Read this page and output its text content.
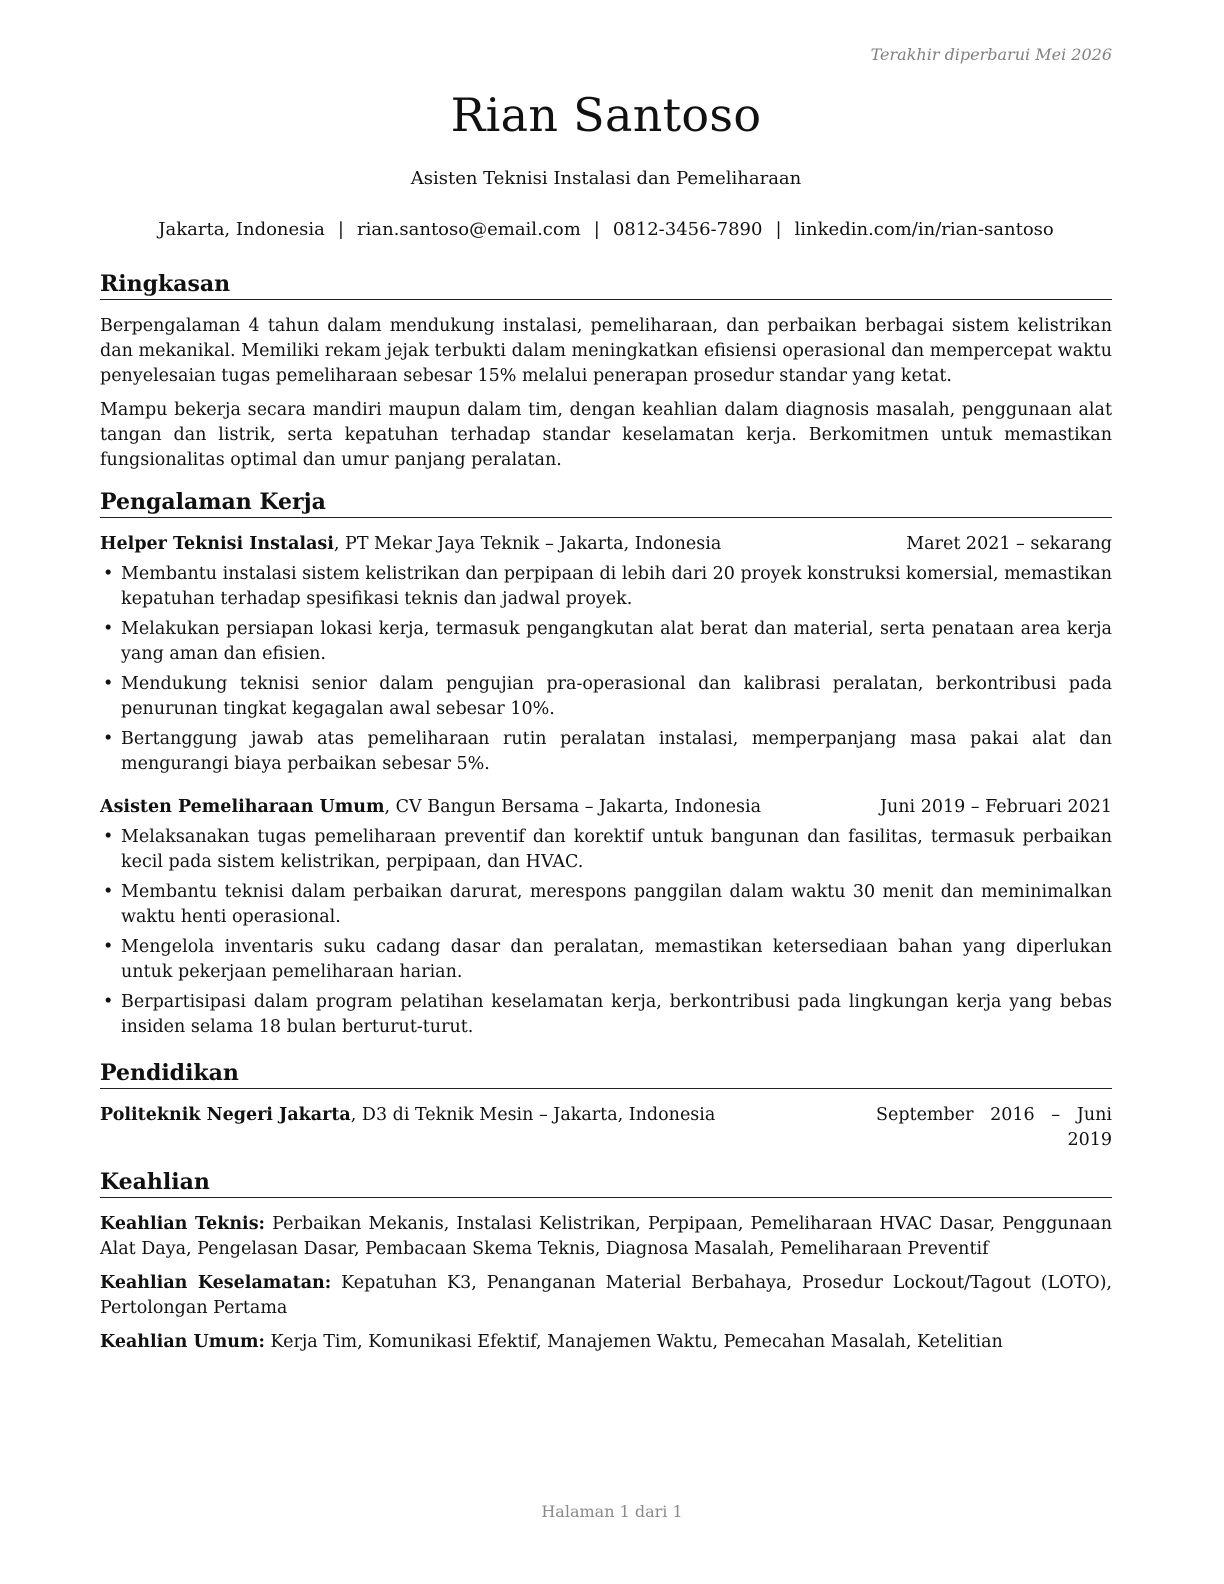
Terakhir diperbarui Mei 2026
Rian Santoso
Asisten Teknisi Instalasi dan Pemeliharaan
Jakarta, Indonesia | rian.santoso@email.com | 0812-3456-7890 | linkedin.com/in/rian-santoso
Ringkasan

Berpengalaman 4 tahun dalam mendukung instalasi, pemeliharaan, dan perbaikan berbagai sistem kelistrikan dan mekanikal. Memiliki rekam jejak terbukti dalam meningkatkan efisiensi operasional dan mempercepat waktu penyelesaian tugas pemeliharaan sebesar 15% melalui penerapan prosedur standar yang ketat.

Mampu bekerja secara mandiri maupun dalam tim, dengan keahlian dalam diagnosis masalah, penggunaan alat tangan dan listrik, serta kepatuhan terhadap standar keselamatan kerja. Berkomitmen untuk memastikan fungsionalitas optimal dan umur panjang peralatan.

Pengalaman Kerja
Helper Teknisi Instalasi, PT Mekar Jaya Teknik – Jakarta, Indonesia	Maret 2021 – sekarang
• Membantu instalasi sistem kelistrikan dan perpipaan di lebih dari 20 proyek konstruksi komersial, memastikan kepatuhan terhadap spesifikasi teknis dan jadwal proyek.
• Melakukan persiapan lokasi kerja, termasuk pengangkutan alat berat dan material, serta penataan area kerja yang aman dan efisien.
• Mendukung teknisi senior dalam pengujian pra-operasional dan kalibrasi peralatan, berkontribusi pada penurunan tingkat kegagalan awal sebesar 10%.
• Bertanggung jawab atas pemeliharaan rutin peralatan instalasi, memperpanjang masa pakai alat dan mengurangi biaya perbaikan sebesar 5%.
Asisten Pemeliharaan Umum, CV Bangun Bersama – Jakarta, Indonesia	Juni 2019 – Februari 2021
• Melaksanakan tugas pemeliharaan preventif dan korektif untuk bangunan dan fasilitas, termasuk perbaikan kecil pada sistem kelistrikan, perpipaan, dan HVAC.
• Membantu teknisi dalam perbaikan darurat, merespons panggilan dalam waktu 30 menit dan meminimalkan waktu henti operasional.
• Mengelola inventaris suku cadang dasar dan peralatan, memastikan ketersediaan bahan yang diperlukan untuk pekerjaan pemeliharaan harian.
• Berpartisipasi dalam program pelatihan keselamatan kerja, berkontribusi pada lingkungan kerja yang bebas insiden selama 18 bulan berturut-turut.
Pendidikan
Politeknik Negeri Jakarta, D3 di Teknik Mesin – Jakarta, Indonesia	September 2016 – Juni 2019
Keahlian

Keahlian Teknis: Perbaikan Mekanis, Instalasi Kelistrikan, Perpipaan, Pemeliharaan HVAC Dasar, Penggunaan Alat Daya, Pengelasan Dasar, Pembacaan Skema Teknis, Diagnosa Masalah, Pemeliharaan Preventif

Keahlian Keselamatan: Kepatuhan K3, Penanganan Material Berbahaya, Prosedur Lockout/Tagout (LOTO), Pertolongan Pertama

Keahlian Umum: Kerja Tim, Komunikasi Efektif, Manajemen Waktu, Pemecahan Masalah, Ketelitian

Halaman 1 dari 1
